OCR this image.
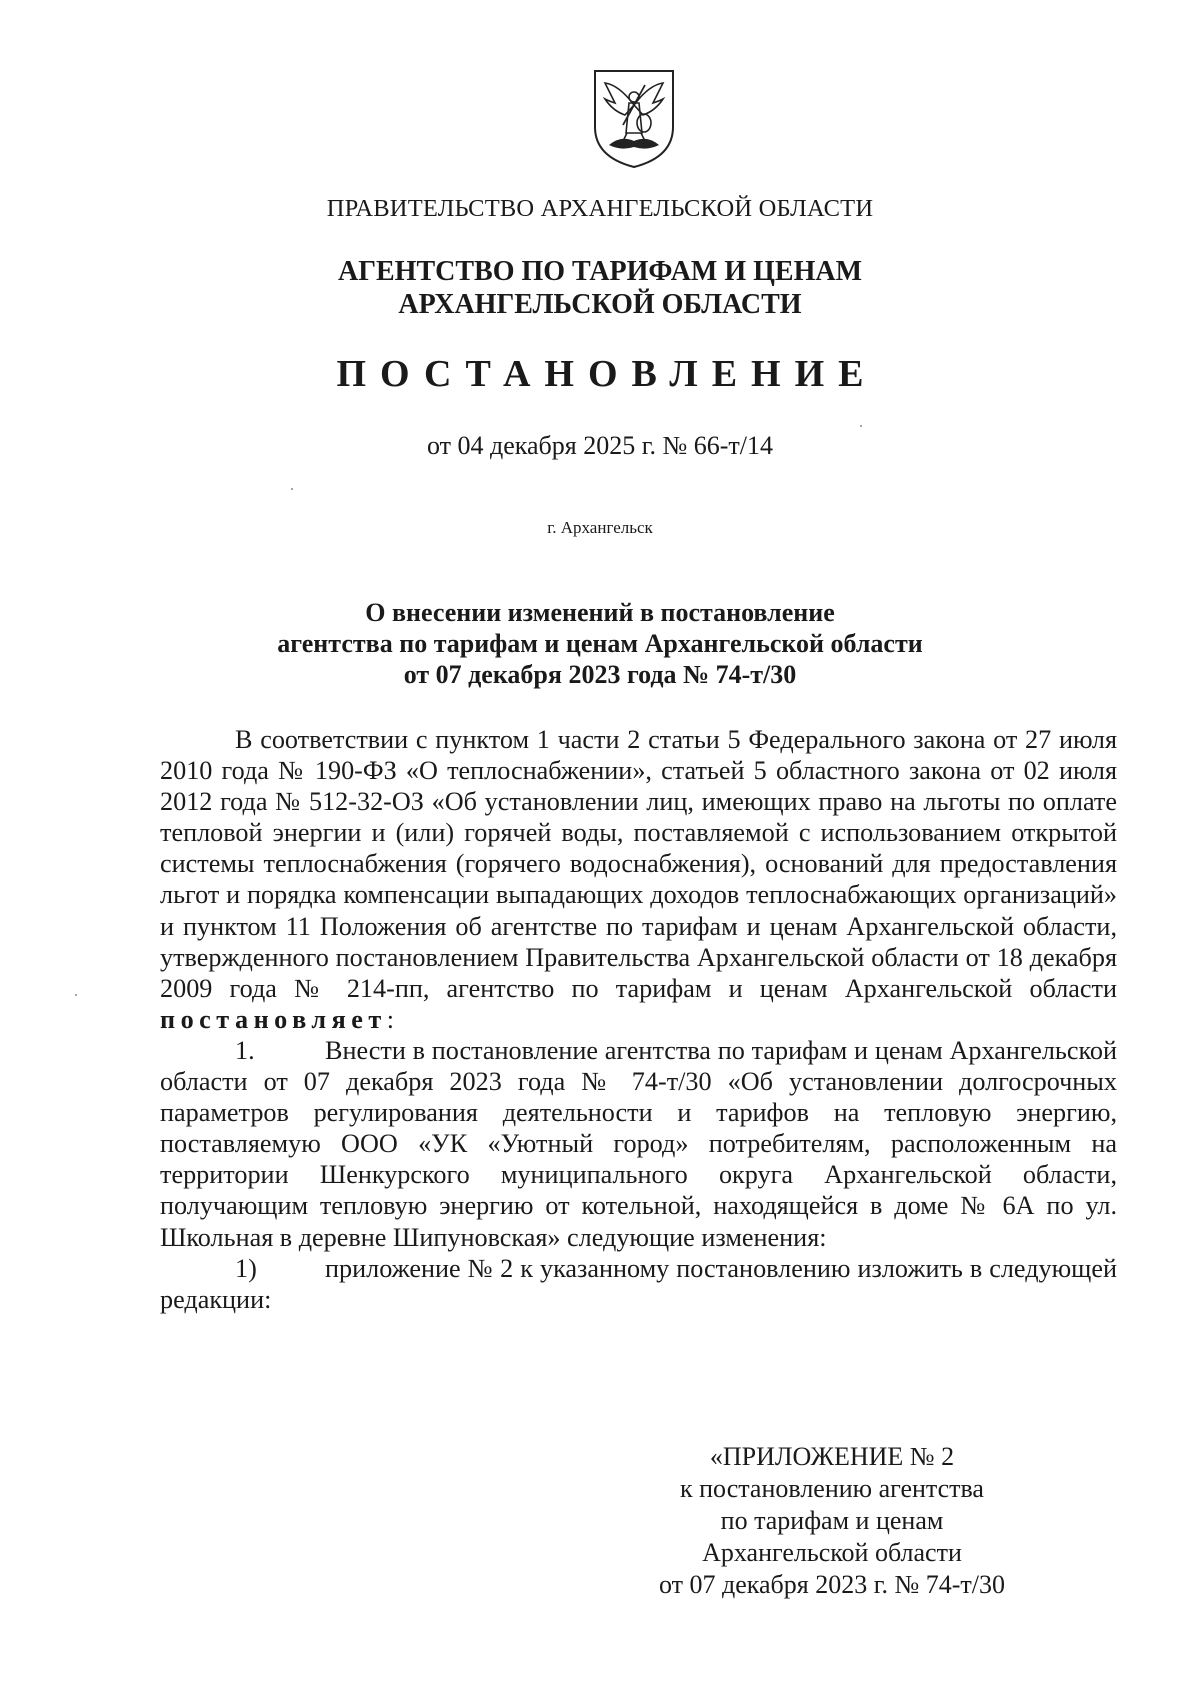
ПРАВИТЕЛЬСТВО АРХАНГЕЛЬСКОЙ ОБЛАСТИ
АГЕНТСТВО ПО ТАРИФАМ И ЦЕНАМ
АРХАНГЕЛЬСКОЙ ОБЛАСТИ
ПОСТАНОВЛЕНИЕ
от 04 декабря 2025 г. № 66-т/14
г. Архангельск
О внесении изменений в постановление
агентства по тарифам и ценам Архангельской области
от 07 декабря 2023 года № 74-т/30

В соответствии с пунктом 1 части 2 статьи 5 Федерального закона от 27 июля 2010 года № 190-ФЗ «О теплоснабжении», статьей 5 областного закона от 02 июля 2012 года № 512-32-ОЗ «Об установлении лиц, имеющих право на льготы по оплате тепловой энергии и (или) горячей воды, поставляемой с использованием открытой системы теплоснабжения (горячего водоснабжения), оснований для предоставления льгот и порядка компенсации выпадающих доходов теплоснабжающих организаций» и пунктом 11 Положения об агентстве по тарифам и ценам Архангельской области, утвержденного постановлением Правительства Архангельской области от 18 декабря 2009 года № 214-пп, агентство по тарифам и ценам Архангельской области постановляет:

1.	Внести в постановление агентства по тарифам и ценам Архангельской области от 07 декабря 2023 года № 74-т/30 «Об установлении долгосрочных параметров регулирования деятельности и тарифов на тепловую энергию, поставляемую ООО «УК «Уютный город» потребителям, расположенным на территории Шенкурского муниципального округа Архангельской области, получающим тепловую энергию от котельной, находящейся в доме № 6А по ул. Школьная в деревне Шипуновская» следующие изменения:

1)	приложение № 2 к указанному постановлению изложить в следующей редакции:

«ПРИЛОЖЕНИЕ № 2
к постановлению агентства
по тарифам и ценам
Архангельской области
от 07 декабря 2023 г. № 74-т/30
